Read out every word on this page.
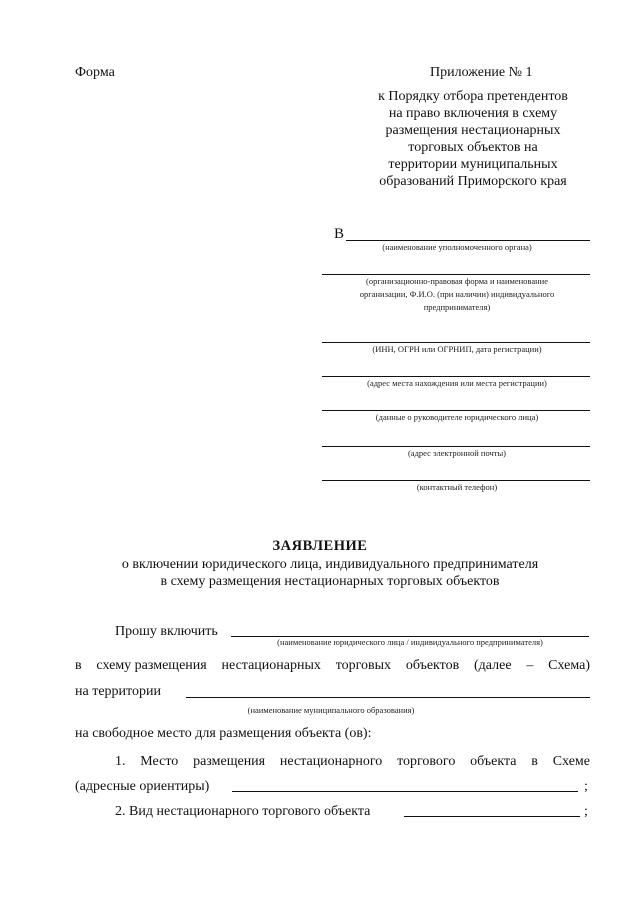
Форма	Приложение № 1
к Порядку отбора претендентов
на право включения в схему
размещения нестационарных
торговых объектов на
территории муниципальных
образований Приморского края
В
(наименование уполномоченного органа)
(организационно-правовая форма и наименование
организации, Ф.И.О. (при наличии) индивидуального
предпринимателя)
(ИНН, ОГРН или ОГРНИП, дата регистрации)
(адрес места нахождения или места регистрации)
(данные о руководителе юридического лица)
(адрес электронной почты)
(контактный телефон)
ЗАЯВЛЕНИЕ
о включении юридического лица, индивидуального предпринимателя
в схему размещения нестационарных торговых объектов
Прошу включить
(наименование юридического лица / индивидуального предпринимателя)
в схему размещения нестационарных торговых объектов (далее – Схема)
на территории
(наименование муниципального образования)
на свободное место для размещения объекта (ов):
1. Место размещения нестационарного торгового объекта в Схеме
(адресные ориентиры)	;
2. Вид нестационарного торгового объекта	;
